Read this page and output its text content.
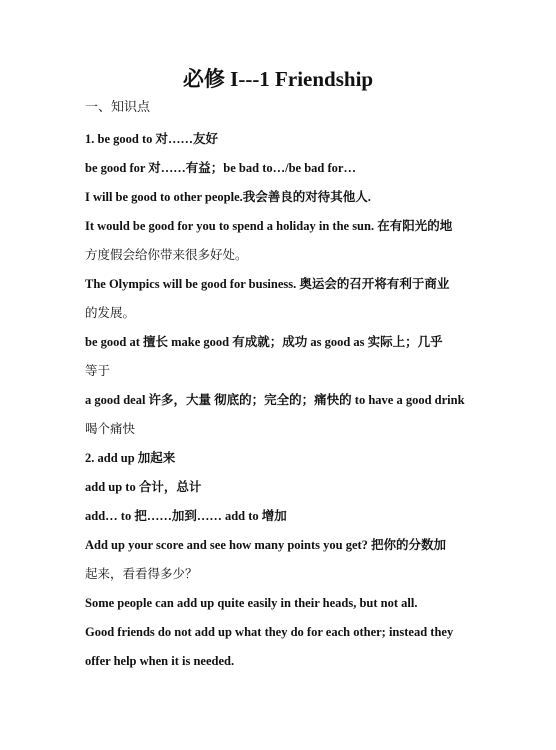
必修 I---1 Friendship
一、知识点
1. be good to 对……友好
be good for 对……有益；be bad to…/be bad for…
I will be good to other people.我会善良的对待其他人.
It would be good for you to spend a holiday in the sun. 在有阳光的地
方度假会给你带来很多好处。
The Olympics will be good for business. 奥运会的召开将有利于商业
的发展。
be good at 擅长 make good 有成就；成功 as good as 实际上；几乎
等于
a good deal 许多，大量 彻底的；完全的；痛快的 to have a good drink
喝个痛快
2. add up 加起来
add up to 合计，总计
add… to 把……加到…… add to 增加
Add up your score and see how many points you get? 把你的分数加
起来，看看得多少？
Some people can add up quite easily in their heads, but not all.
Good friends do not add up what they do for each other; instead they
offer help when it is needed.
